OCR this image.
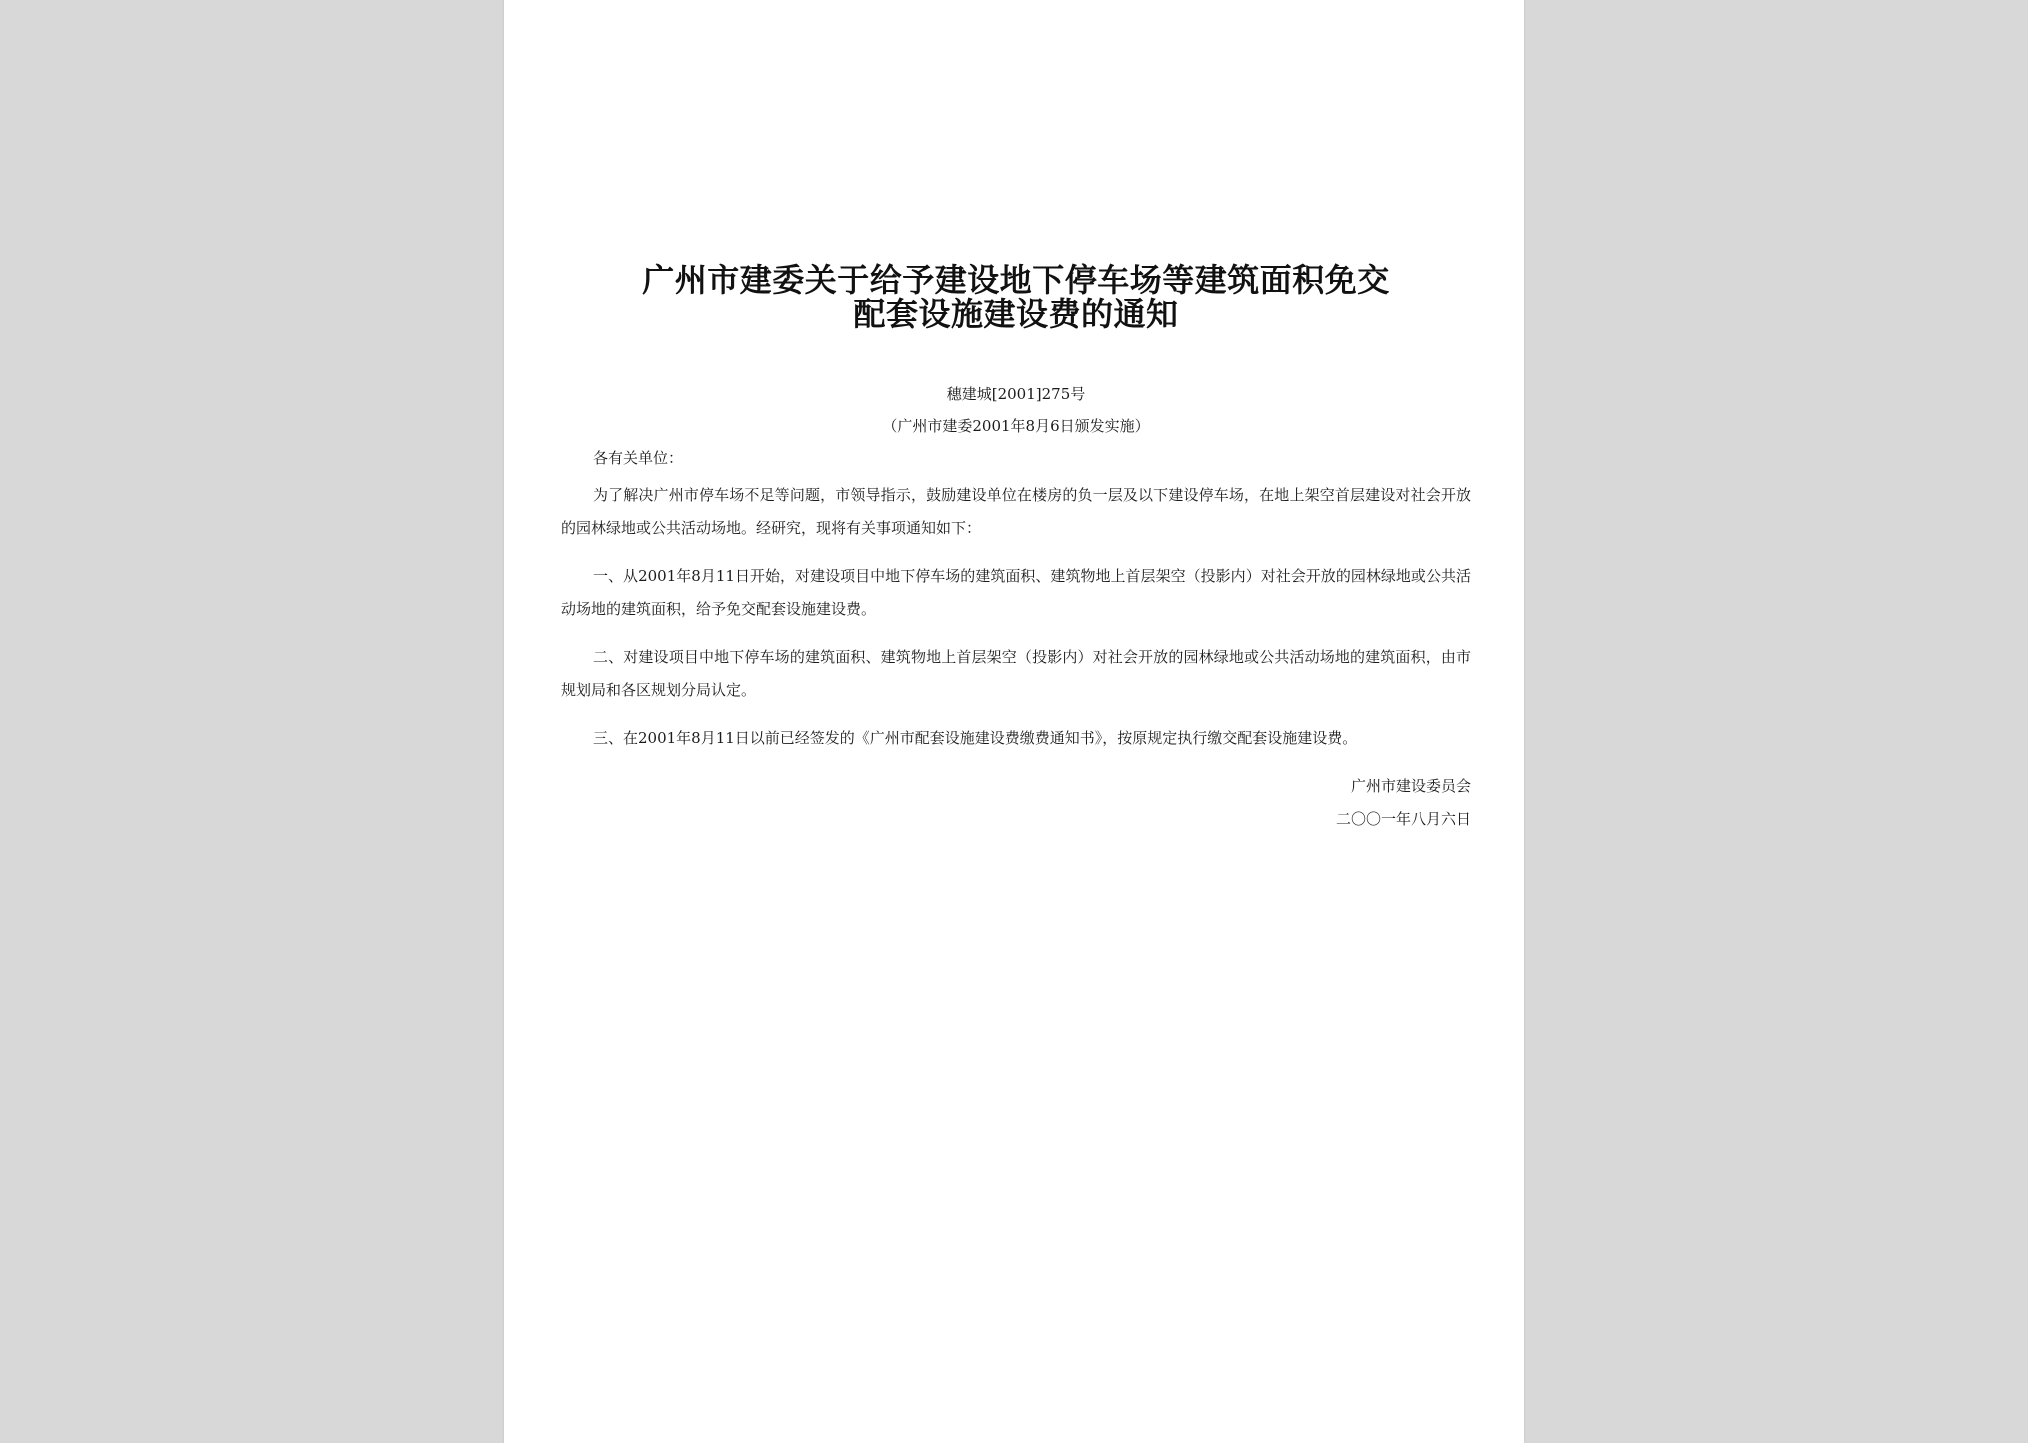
广州市建委关于给予建设地下停车场等建筑面积免交
配套设施建设费的通知
穗建城[2001]275号
（广州市建委2001年8月6日颁发实施）
各有关单位：

为了解决广州市停车场不足等问题，市领导指示，鼓励建设单位在楼房的负一层及以下建设停车场，在地上架空首层建设对社会开放的园林绿地或公共活动场地。经研究，现将有关事项通知如下：

一、从2001年8月11日开始，对建设项目中地下停车场的建筑面积、建筑物地上首层架空（投影内）对社会开放的园林绿地或公共活动场地的建筑面积，给予免交配套设施建设费。

二、对建设项目中地下停车场的建筑面积、建筑物地上首层架空（投影内）对社会开放的园林绿地或公共活动场地的建筑面积，由市规划局和各区规划分局认定。

三、在2001年8月11日以前已经签发的《广州市配套设施建设费缴费通知书》，按原规定执行缴交配套设施建设费。

广州市建设委员会
二〇〇一年八月六日
